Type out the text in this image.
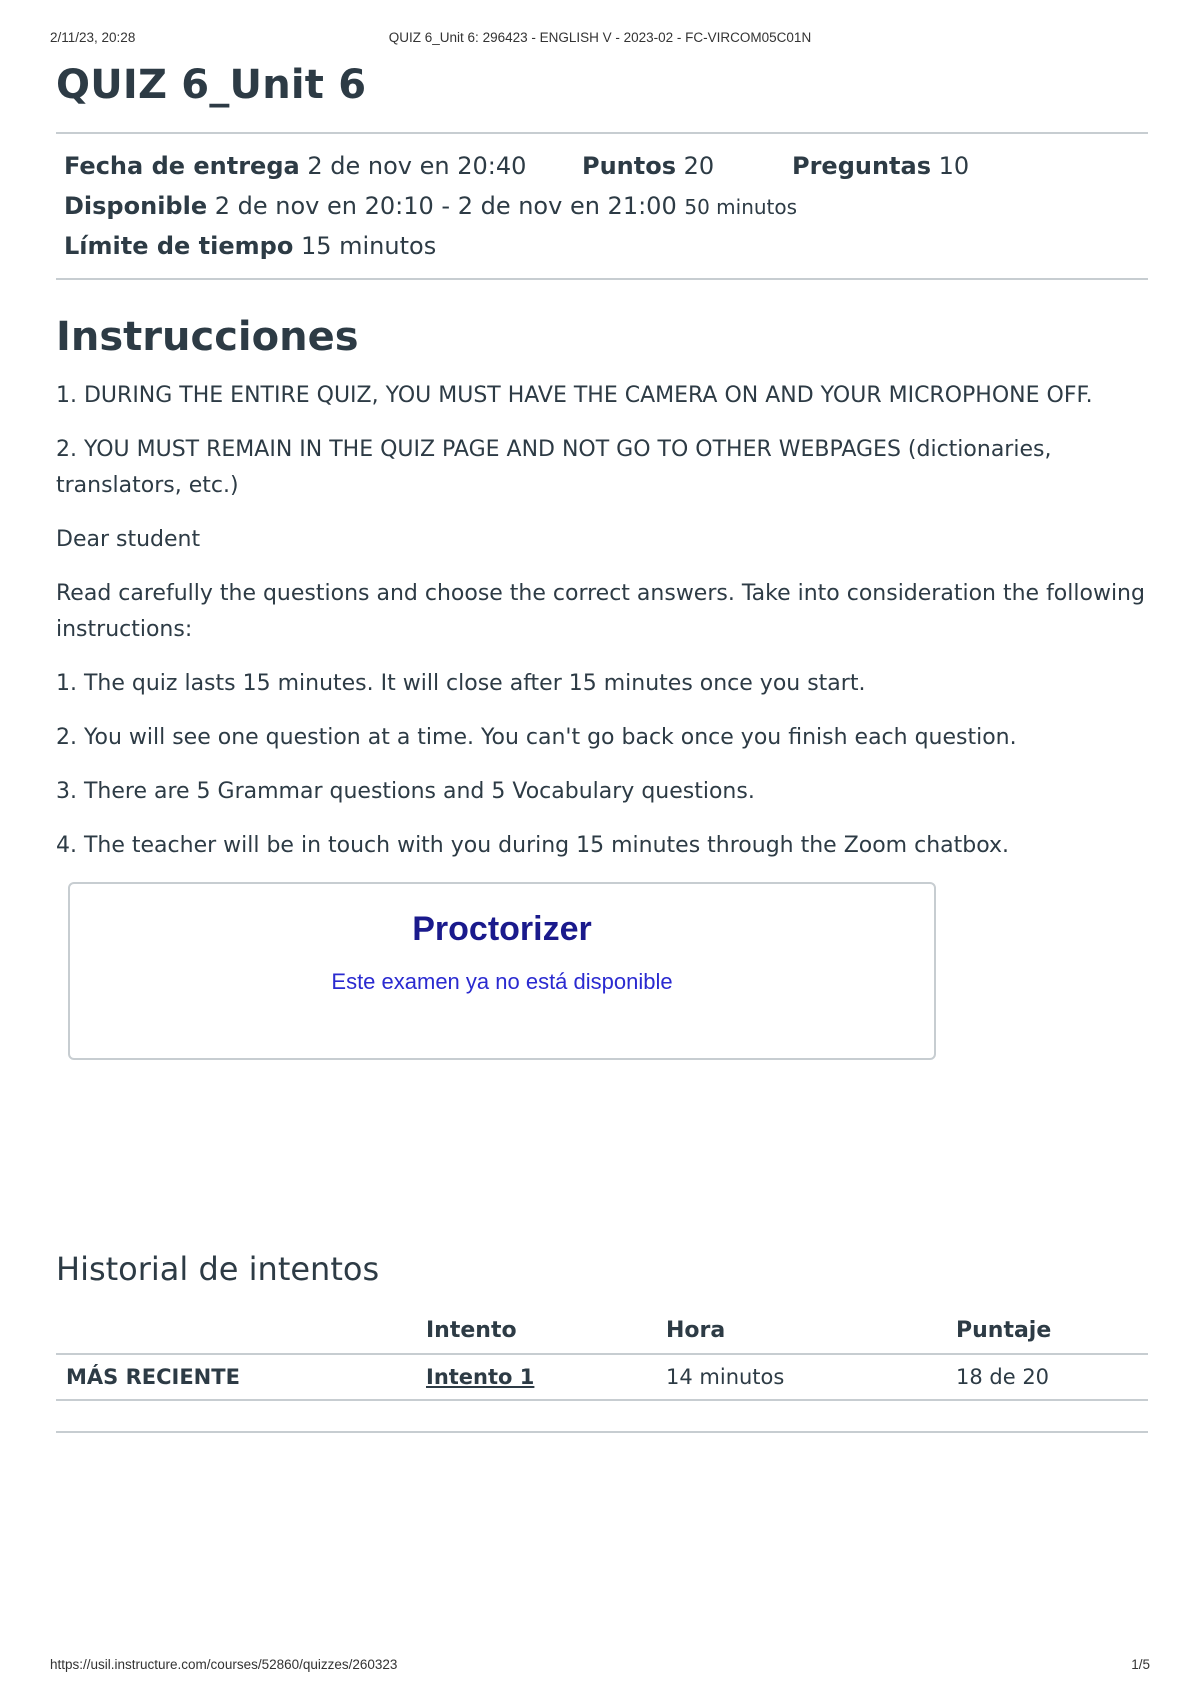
2/11/23, 20:28	QUIZ 6_Unit 6: 296423 - ENGLISH V - 2023-02 - FC-VIRCOM05C01N
QUIZ 6_Unit 6
Fecha de entrega 2 de nov en 20:40 Puntos 20	Preguntas 10
Disponible 2 de nov en 20:10 - 2 de nov en 21:00 50 minutos
Límite de tiempo 15 minutos
Instrucciones

1. DURING THE ENTIRE QUIZ, YOU MUST HAVE THE CAMERA ON AND YOUR MICROPHONE OFF.

2. YOU MUST REMAIN IN THE QUIZ PAGE AND NOT GO TO OTHER WEBPAGES (dictionaries, translators, etc.)

Dear student

Read carefully the questions and choose the correct answers. Take into consideration the following instructions:

1. The quiz lasts 15 minutes. It will close after 15 minutes once you start.

2. You will see one question at a time. You can't go back once you finish each question.

3. There are 5 Grammar questions and 5 Vocabulary questions.

4. The teacher will be in touch with you during 15 minutes through the Zoom chatbox.

Proctorizer
Este examen ya no está disponible
Historial de intentos
	Intento	Hora	Puntaje
MÁS RECIENTE	Intento 1	14 minutos	18 de 20
https://usil.instructure.com/courses/52860/quizzes/260323	1/5
